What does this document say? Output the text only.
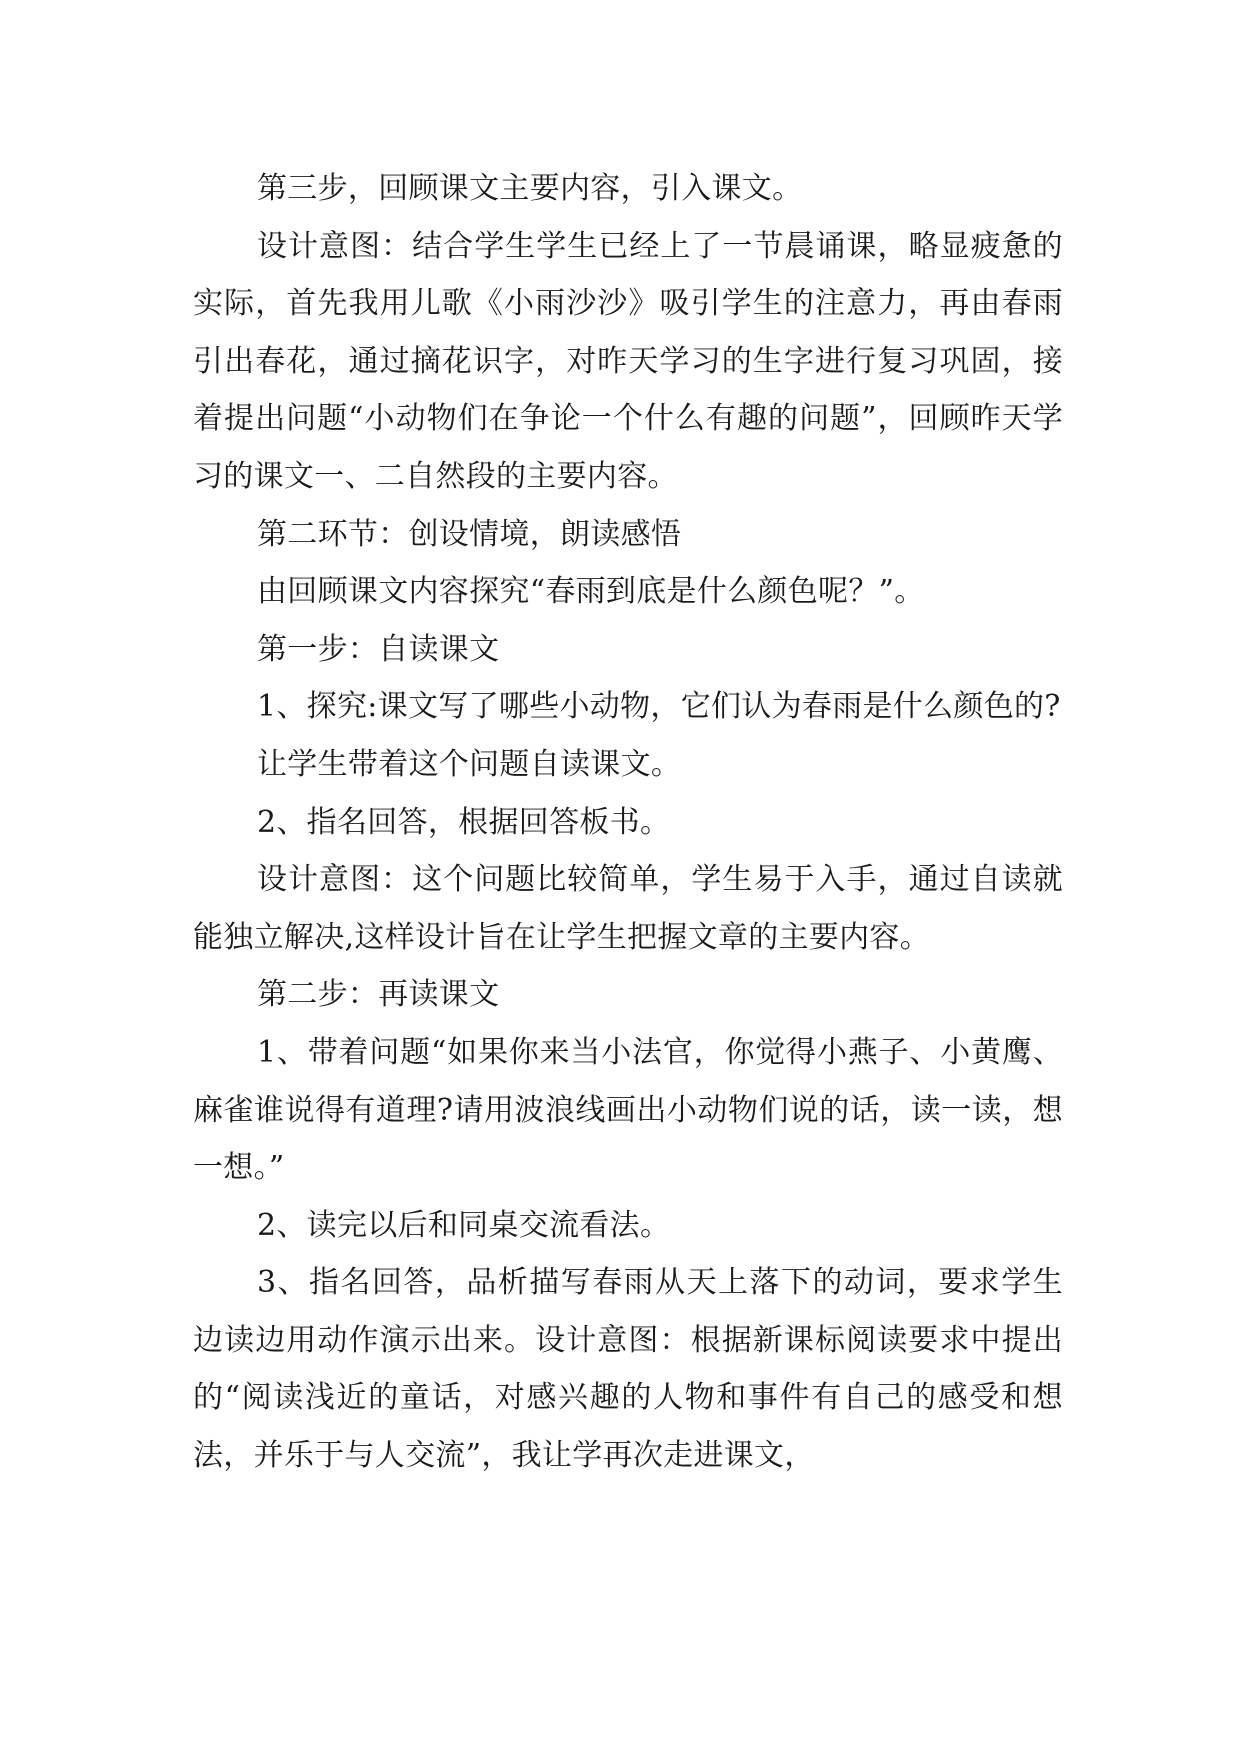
第三步，回顾课文主要内容，引入课文。

设计意图：结合学生学生已经上了一节晨诵课，略显疲惫的实际，首先我用儿歌《小雨沙沙》吸引学生的注意力，再由春雨引出春花，通过摘花识字，对昨天学习的生字进行复习巩固，接着提出问题“小动物们在争论一个什么有趣的问题”，回顾昨天学习的课文一、二自然段的主要内容。

第二环节：创设情境，朗读感悟

由回顾课文内容探究“春雨到底是什么颜色呢？”。

第一步：自读课文

1、探究:课文写了哪些小动物，它们认为春雨是什么颜色的?

让学生带着这个问题自读课文。

2、指名回答，根据回答板书。

设计意图：这个问题比较简单，学生易于入手，通过自读就能独立解决,这样设计旨在让学生把握文章的主要内容。

第二步：再读课文

1、带着问题“如果你来当小法官，你觉得小燕子、小黄鹰、麻雀谁说得有道理?请用波浪线画出小动物们说的话，读一读，想一想。”

2、读完以后和同桌交流看法。

3、指名回答，品析描写春雨从天上落下的动词，要求学生边读边用动作演示出来。设计意图：根据新课标阅读要求中提出的“阅读浅近的童话，对感兴趣的人物和事件有自己的感受和想法，并乐于与人交流”，我让学再次走进课文，
